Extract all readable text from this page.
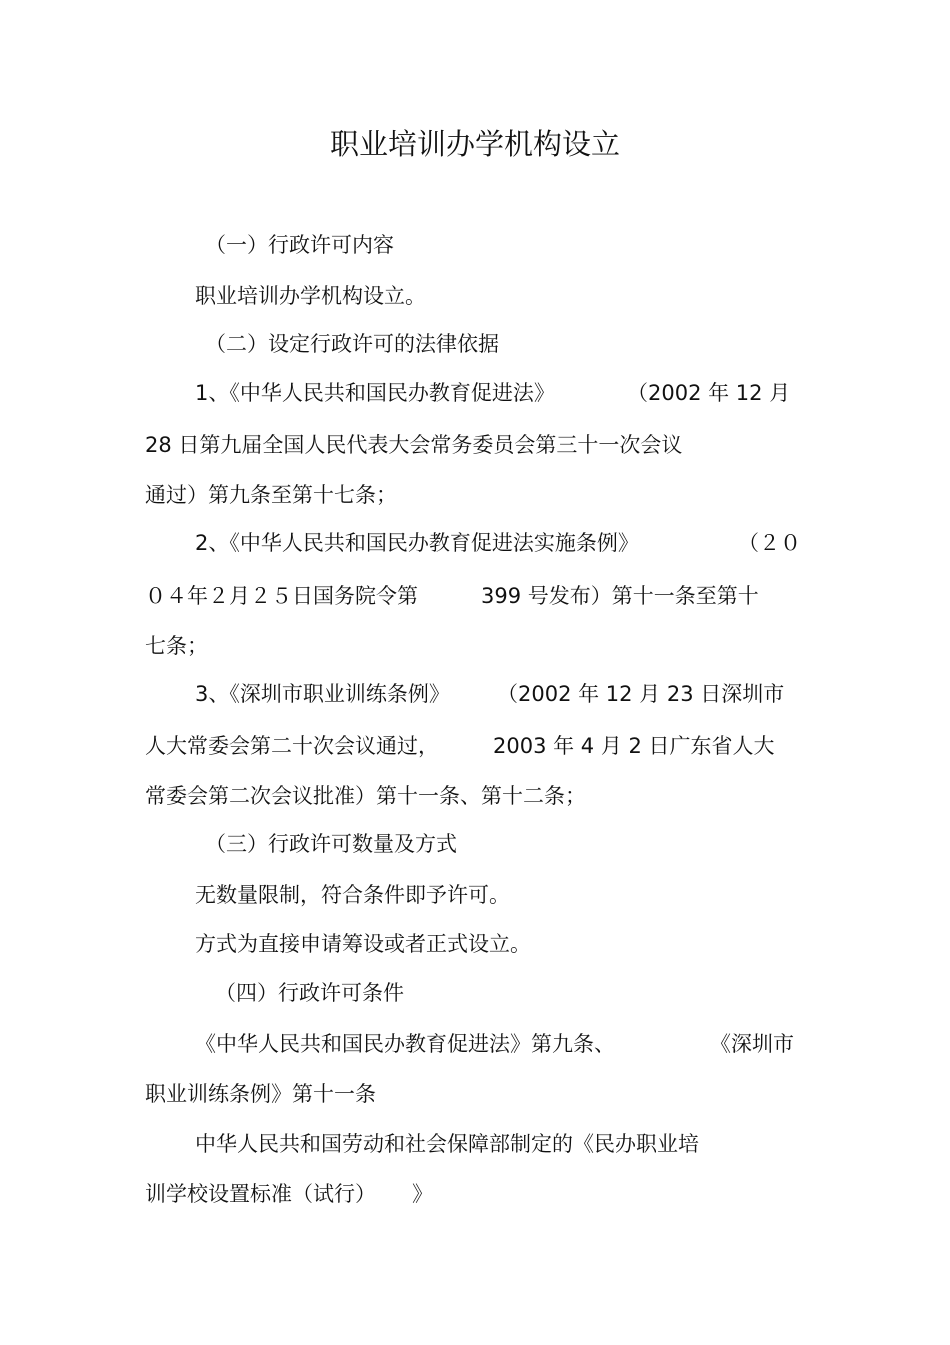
职业培训办学机构设立
（一）行政许可内容
职业培训办学机构设立。
（二）设定行政许可的法律依据
1、《中华人民共和国民办教育促进法》	（2002 年 12 月
28 日第九届全国人民代表大会常务委员会第三十一次会议
通过）第九条至第十七条；
2、《中华人民共和国民办教育促进法实施条例》	（２０
０４年２月２５日国务院令第	399 号发布）第十一条至第十
七条；
3、《深圳市职业训练条例》 （2002 年 12 月 23 日深圳市
人大常委会第二十次会议通过，	2003 年 4 月 2 日广东省人大
常委会第二次会议批准）第十一条、第十二条；
（三）行政许可数量及方式
无数量限制，符合条件即予许可。
方式为直接申请筹设或者正式设立。
（四）行政许可条件
《中华人民共和国民办教育促进法》第九条、	《深圳市
职业训练条例》第十一条
中华人民共和国劳动和社会保障部制定的《民办职业培
训学校设置标准（试行） 》
